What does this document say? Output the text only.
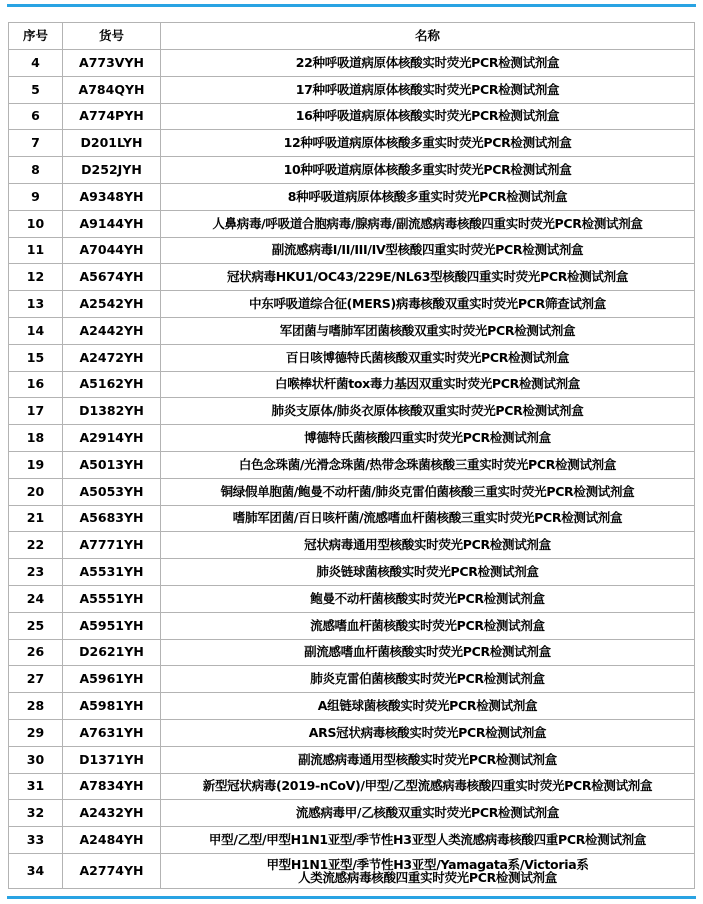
序号	货号	名称
4	A773VYH	22种呼吸道病原体核酸实时荧光PCR检测试剂盒
5	A784QYH	17种呼吸道病原体核酸实时荧光PCR检测试剂盒
6	A774PYH	16种呼吸道病原体核酸实时荧光PCR检测试剂盒
7	D201LYH	12种呼吸道病原体核酸多重实时荧光PCR检测试剂盒
8	D252JYH	10种呼吸道病原体核酸多重实时荧光PCR检测试剂盒
9	A9348YH	8种呼吸道病原体核酸多重实时荧光PCR检测试剂盒
10	A9144YH	人鼻病毒/呼吸道合胞病毒/腺病毒/副流感病毒核酸四重实时荧光PCR检测试剂盒
11	A7044YH	副流感病毒I/II/III/IV型核酸四重实时荧光PCR检测试剂盒
12	A5674YH	冠状病毒HKU1/OC43/229E/NL63型核酸四重实时荧光PCR检测试剂盒
13	A2542YH	中东呼吸道综合征(MERS)病毒核酸双重实时荧光PCR筛查试剂盒
14	A2442YH	军团菌与嗜肺军团菌核酸双重实时荧光PCR检测试剂盒
15	A2472YH	百日咳博德特氏菌核酸双重实时荧光PCR检测试剂盒
16	A5162YH	白喉棒状杆菌tox毒力基因双重实时荧光PCR检测试剂盒
17	D1382YH	肺炎支原体/肺炎衣原体核酸双重实时荧光PCR检测试剂盒
18	A2914YH	博德特氏菌核酸四重实时荧光PCR检测试剂盒
19	A5013YH	白色念珠菌/光滑念珠菌/热带念珠菌核酸三重实时荧光PCR检测试剂盒
20	A5053YH	铜绿假单胞菌/鲍曼不动杆菌/肺炎克雷伯菌核酸三重实时荧光PCR检测试剂盒
21	A5683YH	嗜肺军团菌/百日咳杆菌/流感嗜血杆菌核酸三重实时荧光PCR检测试剂盒
22	A7771YH	冠状病毒通用型核酸实时荧光PCR检测试剂盒
23	A5531YH	肺炎链球菌核酸实时荧光PCR检测试剂盒
24	A5551YH	鲍曼不动杆菌核酸实时荧光PCR检测试剂盒
25	A5951YH	流感嗜血杆菌核酸实时荧光PCR检测试剂盒
26	D2621YH	副流感嗜血杆菌核酸实时荧光PCR检测试剂盒
27	A5961YH	肺炎克雷伯菌核酸实时荧光PCR检测试剂盒
28	A5981YH	A组链球菌核酸实时荧光PCR检测试剂盒
29	A7631YH	ARS冠状病毒核酸实时荧光PCR检测试剂盒
30	D1371YH	副流感病毒通用型核酸实时荧光PCR检测试剂盒
31	A7834YH	新型冠状病毒(2019-nCoV)/甲型/乙型流感病毒核酸四重实时荧光PCR检测试剂盒
32	A2432YH	流感病毒甲/乙核酸双重实时荧光PCR检测试剂盒
33	A2484YH	甲型/乙型/甲型H1N1亚型/季节性H3亚型人类流感病毒核酸四重PCR检测试剂盒
34	A2774YH	甲型H1N1亚型/季节性H3亚型/Yamagata系/Victoria系
人类流感病毒核酸四重实时荧光PCR检测试剂盒
